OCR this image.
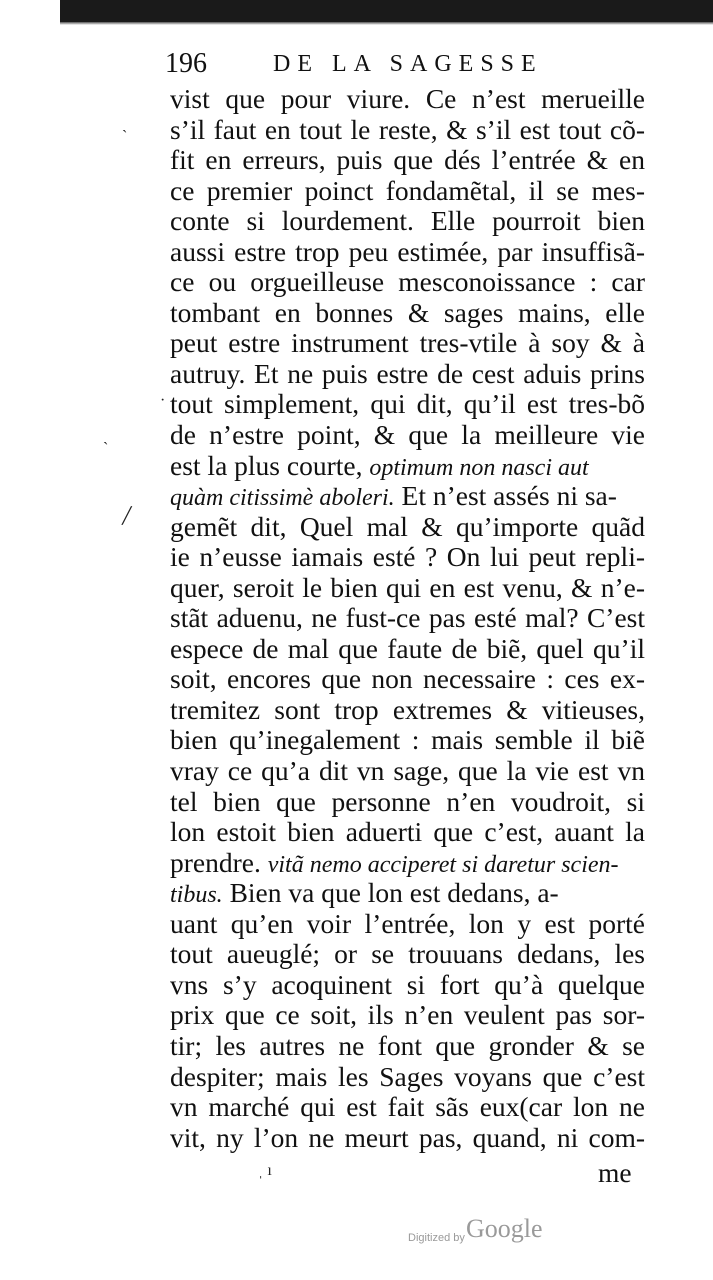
196	DE LA SAGESSE
vist que pour viure. Ce n’est merueille
s’il faut en tout le reste, & s’il est tout cõ-
fit en erreurs, puis que dés l’entrée & en
ce premier poinct fondamẽtal, il se mes-
conte si lourdement. Elle pourroit bien
aussi estre trop peu estimée, par insuffisã-
ce ou orgueilleuse mesconoissance : car
tombant en bonnes & sages mains, elle
peut estre instrument tres-vtile à soy & à
autruy. Et ne puis estre de cest aduis prins
tout simplement, qui dit, qu’il est tres-bõ
de n’estre point, & que la meilleure vie
est la plus courte, optimum non nasci aut
quàm citissimè aboleri. Et n’est assés ni sa-
gemẽt dit, Quel mal & qu’importe quãd
ie n’eusse iamais esté ? On lui peut repli-
quer, seroit le bien qui en est venu, & n’e-
stãt aduenu, ne fust-ce pas esté mal? C’est
espece de mal que faute de biẽ, quel qu’il
soit, encores que non necessaire : ces ex-
tremitez sont trop extremes & vitieuses,
bien qu’inegalement : mais semble il biẽ
vray ce qu’a dit vn sage, que la vie est vn
tel bien que personne n’en voudroit, si
lon estoit bien aduerti que c’est, auant la
prendre. vitã nemo acciperet si daretur scien-
tibus. Bien va que lon est dedans, a-
uant qu’en voir l’entrée, lon y est porté
tout aueuglé; or se trouuans dedans, les
vns s’y acoquinent si fort qu’à quelque
prix que ce soit, ils n’en veulent pas sor-
tir; les autres ne font que gronder & se
despiter; mais les Sages voyans que c’est
vn marché qui est fait sãs eux(car lon ne
vit, ny l’on ne meurt pas, quand, ni com-
me
ˎ
·
ˋ
╱
ˌ ı
Digitized by Google
